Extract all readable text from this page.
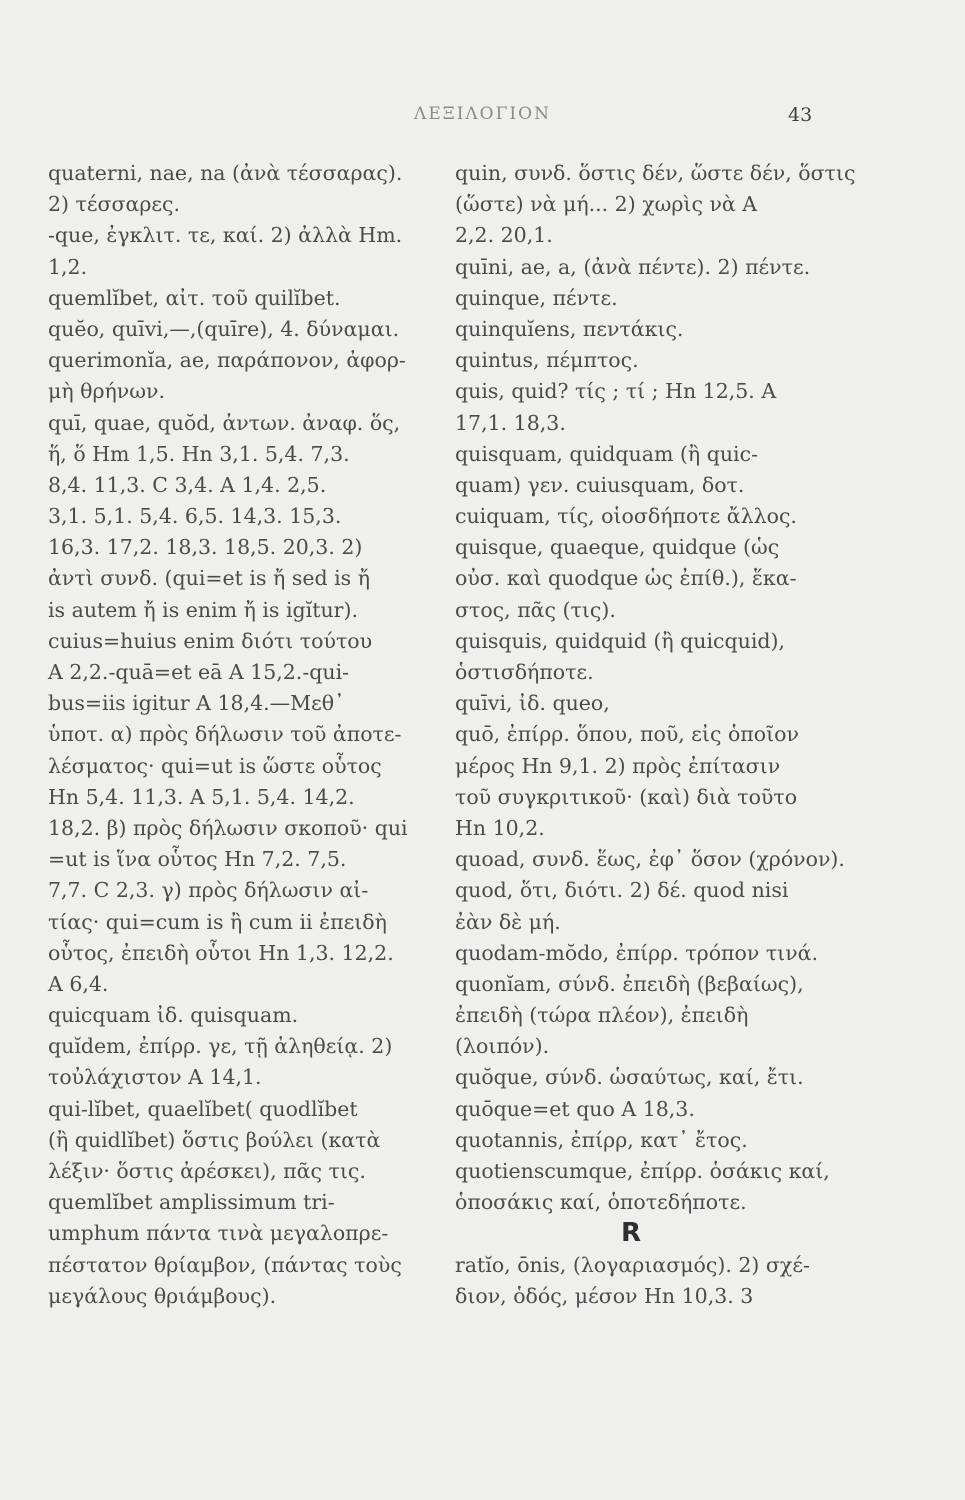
ΛΕΞΙΛΟΓΙΟΝ	43
quaterni, nae, na (ἀνὰ τέσσαρας).
2) τέσσαρες.
-que, ἐγκλιτ. τε, καί. 2) ἀλλὰ Hm.
1,2.
quemlĭbet, αἰτ. τοῦ quilĭbet.
quĕo, quīvi,—,(quīre), 4. δύναμαι.
querimonĭa, ae, παράπονον, ἀφορ-
μὴ θρήνων.
quī, quae, quŏd, ἀντων. ἀναφ. ὅς,
ἥ, ὅ Hm 1,5. Hn 3,1. 5,4. 7,3.
8,4. 11,3. C 3,4. A 1,4. 2,5.
3,1. 5,1. 5,4. 6,5. 14,3. 15,3.
16,3. 17,2. 18,3. 18,5. 20,3. 2)
ἀντὶ συνδ. (qui=et is ἤ sed is ἤ
is autem ἤ is enim ἤ is igĭtur).
cuius=huius enim διότι τούτου
A 2,2.-quā=et eā A 15,2.-qui-
bus=iis igitur A 18,4.—Μεθ᾽
ὑποτ. α) πρὸς δήλωσιν τοῦ ἀποτε-
λέσματος· qui=ut is ὥστε οὗτος
Hn 5,4. 11,3. A 5,1. 5,4. 14,2.
18,2. β) πρὸς δήλωσιν σκοποῦ· qui
=ut is ἵνα οὗτος Hn 7,2. 7,5.
7,7. C 2,3. γ) πρὸς δήλωσιν αἰ-
τίας· qui=cum is ἢ cum ii ἐπειδὴ
οὗτος, ἐπειδὴ οὗτοι Hn 1,3. 12,2.
A 6,4.
quicquam ἰδ. quisquam.
quĭdem, ἐπίρρ. γε, τῇ ἀληθείᾳ. 2)
τοὐλάχιστον A 14,1.
qui-lĭbet, quaelĭbet( quodlĭbet
(ἢ quidlĭbet) ὅστις βούλει (κατὰ
λέξιν· ὅστις ἀρέσκει), πᾶς τις.
quemlĭbet amplissimum tri-
umphum πάντα τινὰ μεγαλοπρε-
πέστατον θρίαμβον, (πάντας τοὺς
μεγάλους θριάμβους).
quin, συνδ. ὅστις δέν, ὥστε δέν, ὅστις
(ὥστε) νὰ μή... 2) χωρὶς νὰ A
2,2. 20,1.
quīni, ae, a, (ἀνὰ πέντε). 2) πέντε.
quinque, πέντε.
quinquĭens, πεντάκις.
quintus, πέμπτος.
quis, quid? τίς ; τί ; Hn 12,5. A
17,1. 18,3.
quisquam, quidquam (ἢ quic-
quam) γεν. cuiusquam, δοτ.
cuiquam, τίς, οἱοσδήποτε ἄλλος.
quisque, quaeque, quidque (ὡς
οὐσ. καὶ quodque ὡς ἐπίθ.), ἕκα-
στος, πᾶς (τις).
quisquis, quidquid (ἢ quicquid),
ὁστισδήποτε.
quīvi, ἰδ. queo,
quō, ἐπίρρ. ὅπου, ποῦ, εἰς ὁποῖον
μέρος Hn 9,1. 2) πρὸς ἐπίτασιν
τοῦ συγκριτικοῦ· (καὶ) διὰ τοῦτο
Hn 10,2.
quoad, συνδ. ἕως, ἐφ᾽ ὅσον (χρόνον).
quod, ὅτι, διότι. 2) δέ. quod nisi
ἐὰν δὲ μή.
quodam-mŏdo, ἐπίρρ. τρόπον τινά.
quonĭam, σύνδ. ἐπειδὴ (βεβαίως),
ἐπειδὴ (τώρα πλέον), ἐπειδὴ
(λοιπόν).
quŏque, σύνδ. ὡσαύτως, καί, ἔτι.
quōque=et quo A 18,3.
quotannis, ἐπίρρ, κατ᾽ ἔτος.
quotienscumque, ἐπίρρ. ὁσάκις καί,
ὁποσάκις καί, ὁποτεδήποτε.
R
ratĭo, ōnis, (λογαριασμός). 2) σχέ-
διον, ὁδός, μέσον Hn 10,3. 3
